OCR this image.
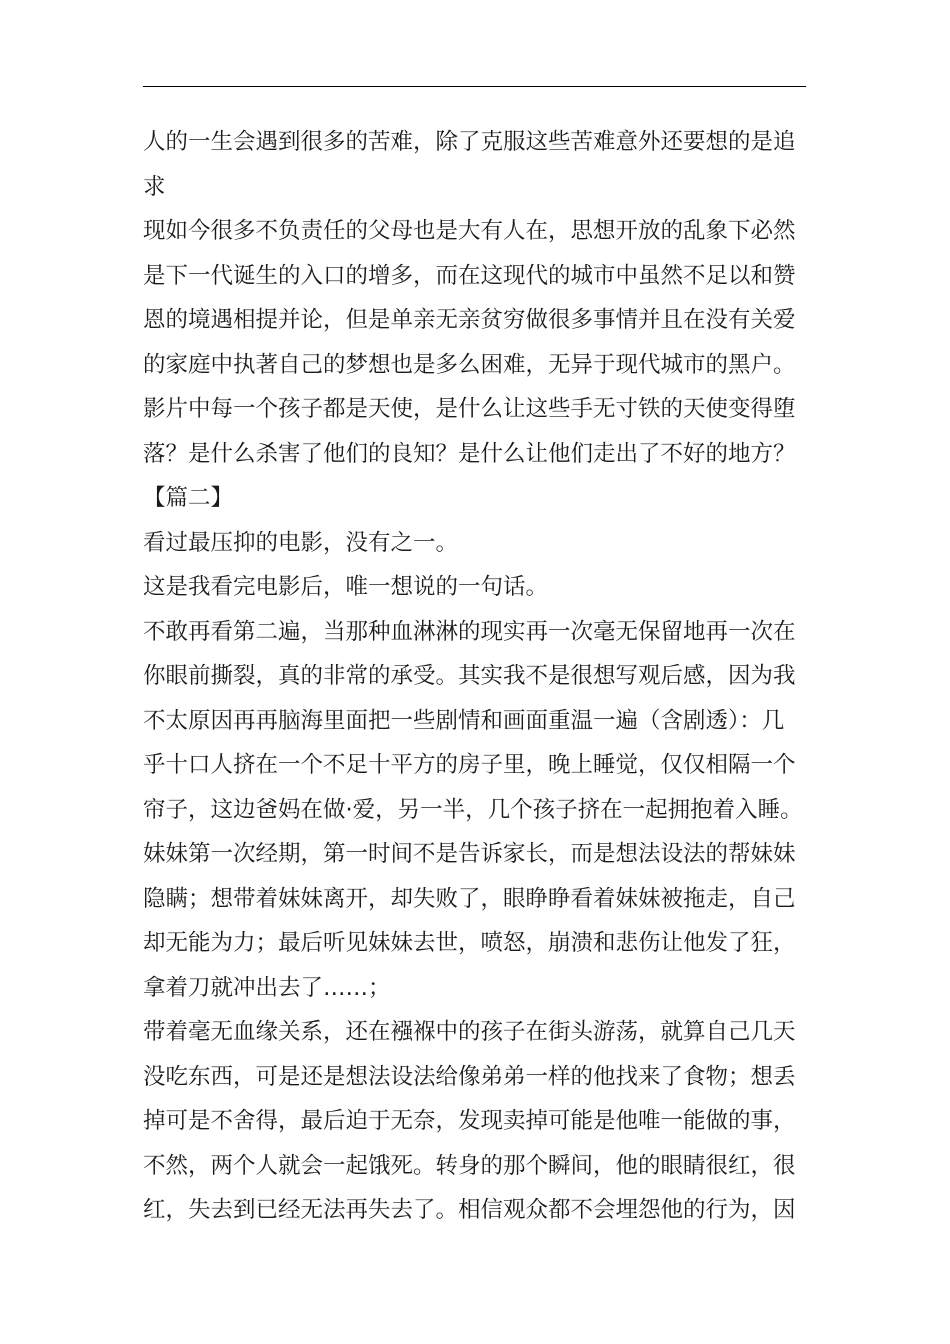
人的一生会遇到很多的苦难，除了克服这些苦难意外还要想的是追
求
现如今很多不负责任的父母也是大有人在，思想开放的乱象下必然
是下一代诞生的入口的增多，而在这现代的城市中虽然不足以和赞
恩的境遇相提并论，但是单亲无亲贫穷做很多事情并且在没有关爱
的家庭中执著自己的梦想也是多么困难，无异于现代城市的黑户。
影片中每一个孩子都是天使，是什么让这些手无寸铁的天使变得堕
落？是什么杀害了他们的良知？是什么让他们走出了不好的地方？
【篇二】
看过最压抑的电影，没有之一。
这是我看完电影后，唯一想说的一句话。
不敢再看第二遍，当那种血淋淋的现实再一次毫无保留地再一次在
你眼前撕裂，真的非常的承受。其实我不是很想写观后感，因为我
不太原因再再脑海里面把一些剧情和画面重温一遍（含剧透）：几
乎十口人挤在一个不足十平方的房子里，晚上睡觉，仅仅相隔一个
帘子，这边爸妈在做·爱，另一半，几个孩子挤在一起拥抱着入睡。
妹妹第一次经期，第一时间不是告诉家长，而是想法设法的帮妹妹
隐瞒；想带着妹妹离开，却失败了，眼睁睁看着妹妹被拖走，自己
却无能为力；最后听见妹妹去世，喷怒，崩溃和悲伤让他发了狂，
拿着刀就冲出去了……；
带着毫无血缘关系，还在襁褓中的孩子在街头游荡，就算自己几天
没吃东西，可是还是想法设法给像弟弟一样的他找来了食物；想丢
掉可是不舍得，最后迫于无奈，发现卖掉可能是他唯一能做的事，
不然，两个人就会一起饿死。转身的那个瞬间，他的眼睛很红，很
红，失去到已经无法再失去了。相信观众都不会埋怨他的行为，因
